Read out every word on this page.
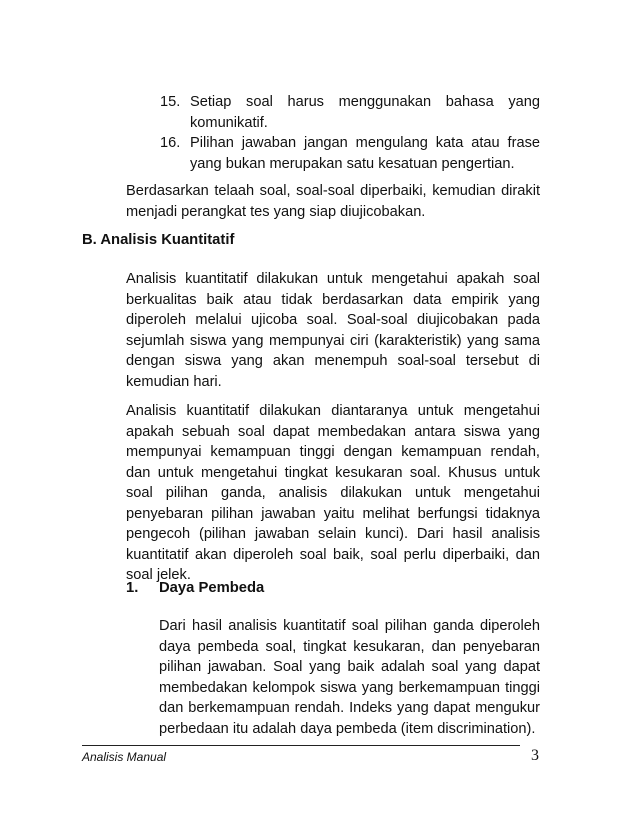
15. Setiap soal harus menggunakan bahasa yang komunikatif.
16. Pilihan jawaban jangan mengulang kata atau frase yang bukan merupakan satu kesatuan pengertian.

Berdasarkan telaah soal, soal-soal diperbaiki, kemudian dirakit menjadi perangkat tes yang siap diujicobakan.

B. Analisis Kuantitatif

Analisis kuantitatif dilakukan untuk mengetahui apakah soal berkualitas baik atau tidak berdasarkan data empirik yang diperoleh melalui ujicoba soal. Soal-soal diujicobakan pada sejumlah siswa yang mempunyai ciri (karakteristik) yang sama dengan siswa yang akan menempuh soal-soal tersebut di kemudian hari.

Analisis kuantitatif dilakukan diantaranya untuk mengetahui apakah sebuah soal dapat membedakan antara siswa yang mempunyai kemampuan tinggi dengan kemampuan rendah, dan untuk mengetahui tingkat kesukaran soal. Khusus untuk soal pilihan ganda, analisis dilakukan untuk mengetahui penyebaran pilihan jawaban yaitu melihat berfungsi tidaknya pengecoh (pilihan jawaban selain kunci). Dari hasil analisis kuantitatif akan diperoleh soal baik, soal perlu diperbaiki, dan soal jelek.

1. Daya Pembeda

Dari hasil analisis kuantitatif soal pilihan ganda diperoleh daya pembeda soal, tingkat kesukaran, dan penyebaran pilihan jawaban. Soal yang baik adalah soal yang dapat membedakan kelompok siswa yang berkemampuan tinggi dan berkemampuan rendah. Indeks yang dapat mengukur perbedaan itu adalah daya pembeda (item discrimination).

Analisis Manual	3
